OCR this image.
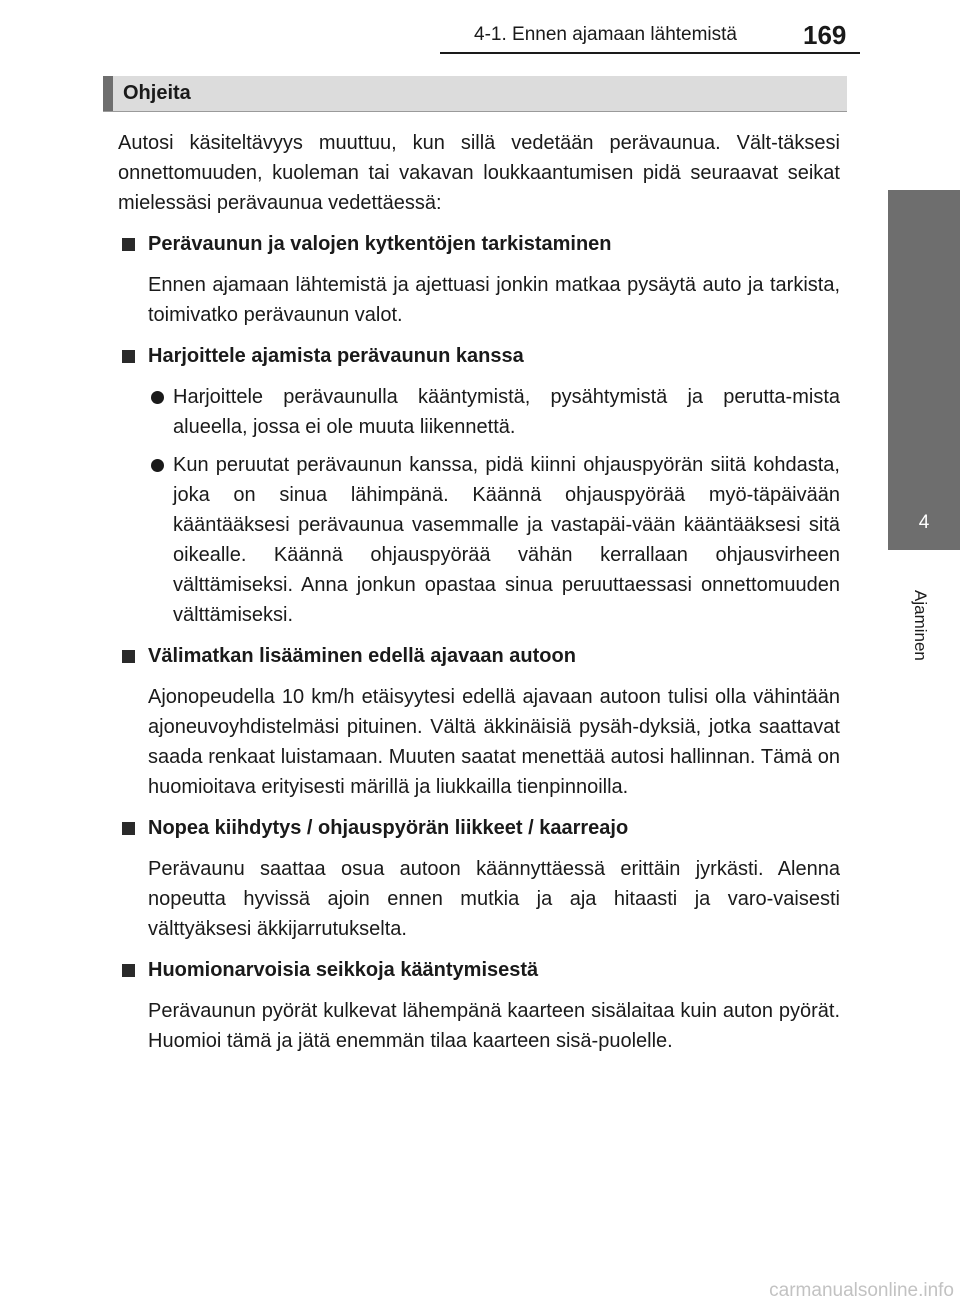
4-1. Ennen ajamaan lähtemistä	169
4
Ajaminen
Ohjeita

Autosi käsiteltävyys muuttuu, kun sillä vedetään perävaunua. Vält-täksesi onnettomuuden, kuoleman tai vakavan loukkaantumisen pidä seuraavat seikat mielessäsi perävaunua vedettäessä:

Perävaunun ja valojen kytkentöjen tarkistaminen

Ennen ajamaan lähtemistä ja ajettuasi jonkin matkaa pysäytä auto ja tarkista, toimivatko perävaunun valot.

Harjoittele ajamista perävaunun kanssa

Harjoittele perävaunulla kääntymistä, pysähtymistä ja perutta-mista alueella, jossa ei ole muuta liikennettä.

Kun peruutat perävaunun kanssa, pidä kiinni ohjauspyörän siitä kohdasta, joka on sinua lähimpänä. Käännä ohjauspyörää myö-täpäivään kääntääksesi perävaunua vasemmalle ja vastapäi-vään kääntääksesi sitä oikealle. Käännä ohjauspyörää vähän kerrallaan ohjausvirheen välttämiseksi. Anna jonkun opastaa sinua peruuttaessasi onnettomuuden välttämiseksi.

Välimatkan lisääminen edellä ajavaan autoon

Ajonopeudella 10 km/h etäisyytesi edellä ajavaan autoon tulisi olla vähintään ajoneuvoyhdistelmäsi pituinen. Vältä äkkinäisiä pysäh-dyksiä, jotka saattavat saada renkaat luistamaan. Muuten saatat menettää autosi hallinnan. Tämä on huomioitava erityisesti märillä ja liukkailla tienpinnoilla.

Nopea kiihdytys / ohjauspyörän liikkeet / kaarreajo

Perävaunu saattaa osua autoon käännyttäessä erittäin jyrkästi. Alenna nopeutta hyvissä ajoin ennen mutkia ja aja hitaasti ja varo-vaisesti välttyäksesi äkkijarrutukselta.

Huomionarvoisia seikkoja kääntymisestä

Perävaunun pyörät kulkevat lähempänä kaarteen sisälaitaa kuin auton pyörät. Huomioi tämä ja jätä enemmän tilaa kaarteen sisä-puolelle.

carmanualsonline.info
